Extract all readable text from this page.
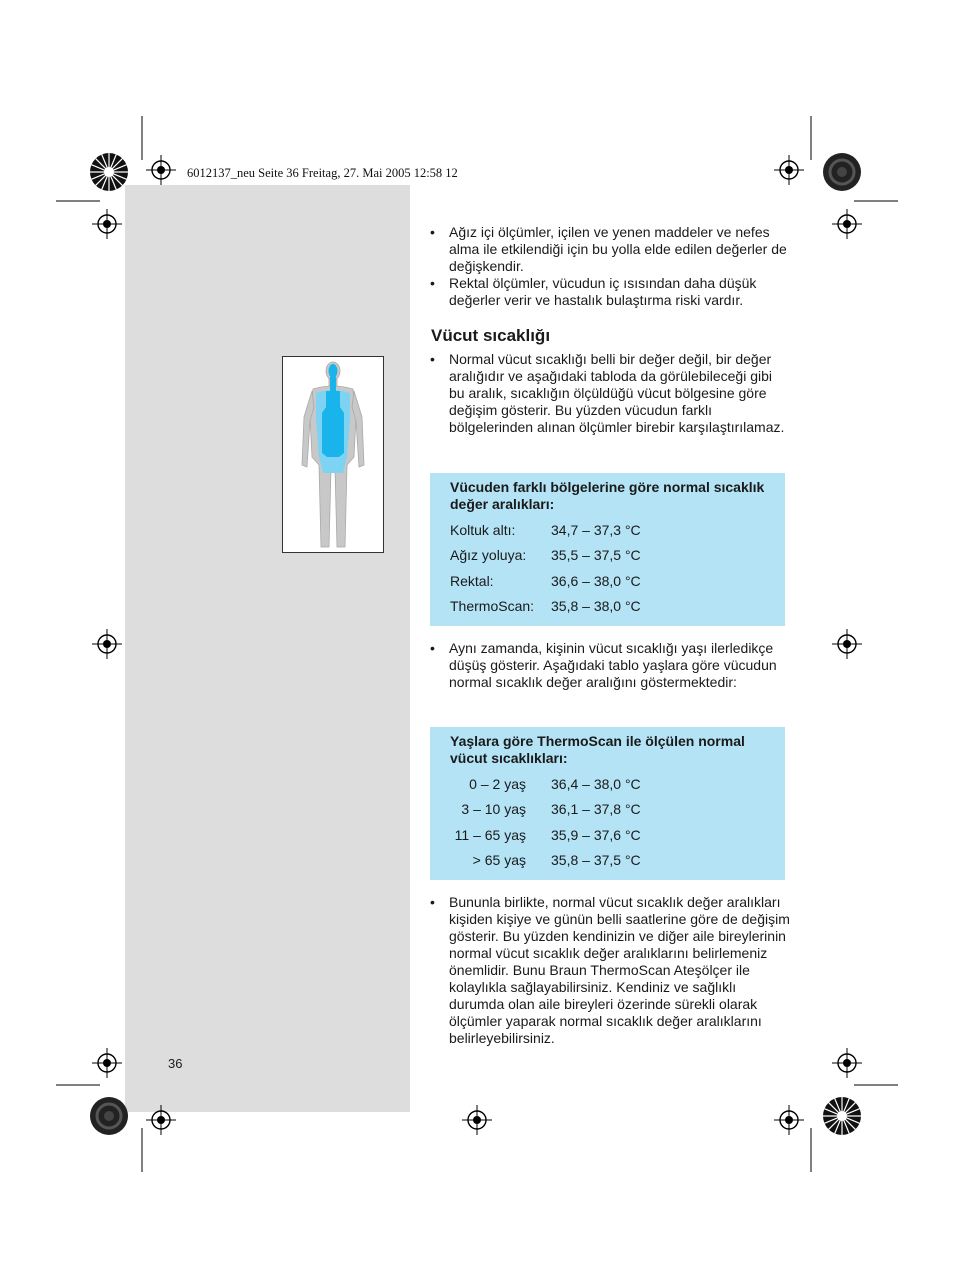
6012137_neu Seite 36 Freitag, 27. Mai 2005 12:58 12
• Ağız içi ölçümler, içilen ve yenen maddeler ve nefes alma ile etkilendiği için bu yolla elde edilen değerler de değişkendir.
• Rektal ölçümler, vücudun iç ısısından daha düşük değerler verir ve hastalık bulaştırma riski vardır.
Vücut sıcaklığı
• Normal vücut sıcaklığı belli bir değer değil, bir değer aralığıdır ve aşağıdaki tabloda da görülebileceği gibi bu aralık, sıcaklığın ölçüldüğü vücut bölgesine göre değişim gösterir. Bu yüzden vücudun farklı bölgelerinden alınan ölçümler birebir karşılaştırılamaz.
Vücuden farklı bölgelerine göre normal sıcaklık değer aralıkları:
Koltuk altı:	34,7 – 37,3 °C
Ağız yoluya: 35,5 – 37,5 °C
Rektal:	36,6 – 38,0 °C
ThermoScan: 35,8 – 38,0 °C
• Aynı zamanda, kişinin vücut sıcaklığı yaşı ilerledikçe düşüş gösterir. Aşağıdaki tablo yaşlara göre vücudun normal sıcaklık değer aralığını göstermektedir:
Yaşlara göre ThermoScan ile ölçülen normal vücut sıcaklıkları:
0 – 2 yaş 36,4 – 38,0 °C
3 – 10 yaş 36,1 – 37,8 °C
11 – 65 yaş 35,9 – 37,6 °C
> 65 yaş 35,8 – 37,5 °C
• Bununla birlikte, normal vücut sıcaklık değer aralıkları kişiden kişiye ve günün belli saatlerine göre de değişim gösterir. Bu yüzden kendinizin ve diğer aile bireylerinin normal vücut sıcaklık değer aralıklarını belirlemeniz önemlidir. Bunu Braun ThermoScan Ateşölçer ile kolaylıkla sağlayabilirsiniz. Kendiniz ve sağlıklı durumda olan aile bireyleri özerinde sürekli olarak ölçümler yaparak normal sıcaklık değer aralıklarını belirleyebilirsiniz.
36
